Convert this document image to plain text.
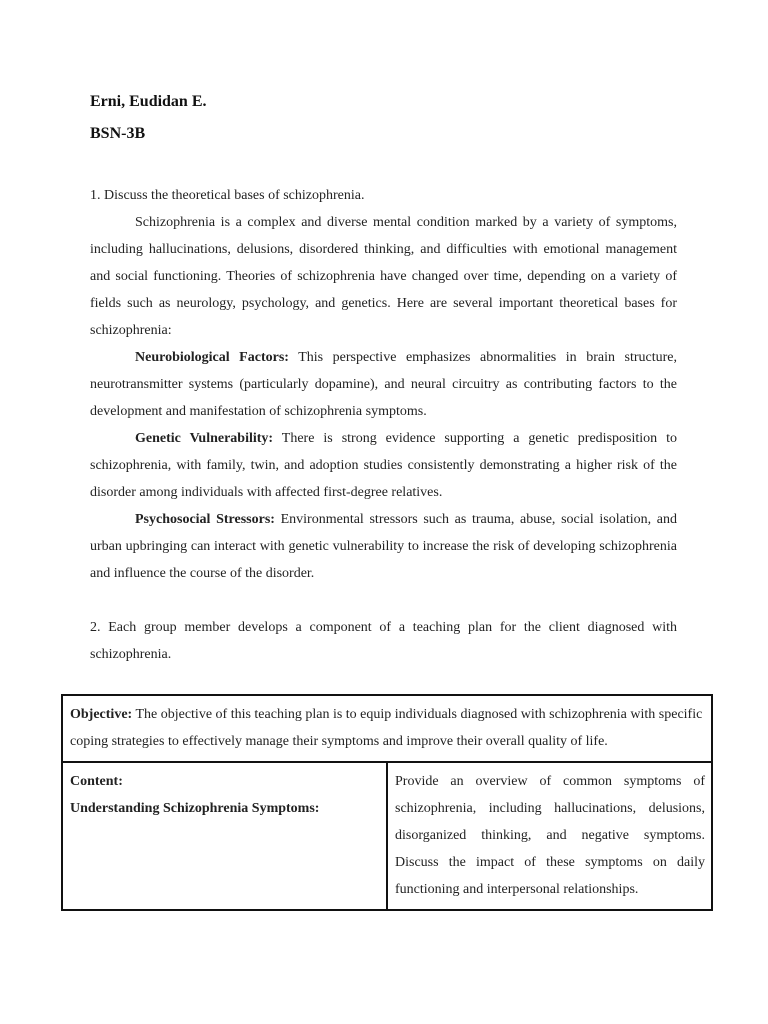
Erni, Eudidan E.
BSN-3B

1. Discuss the theoretical bases of schizophrenia.

Schizophrenia is a complex and diverse mental condition marked by a variety of symptoms, including hallucinations, delusions, disordered thinking, and difficulties with emotional management and social functioning. Theories of schizophrenia have changed over time, depending on a variety of fields such as neurology, psychology, and genetics. Here are several important theoretical bases for schizophrenia:

Neurobiological Factors: This perspective emphasizes abnormalities in brain structure, neurotransmitter systems (particularly dopamine), and neural circuitry as contributing factors to the development and manifestation of schizophrenia symptoms.

Genetic Vulnerability: There is strong evidence supporting a genetic predisposition to schizophrenia, with family, twin, and adoption studies consistently demonstrating a higher risk of the disorder among individuals with affected first-degree relatives.

Psychosocial Stressors: Environmental stressors such as trauma, abuse, social isolation, and urban upbringing can interact with genetic vulnerability to increase the risk of developing schizophrenia and influence the course of the disorder.

2. Each group member develops a component of a teaching plan for the client diagnosed with schizophrenia.

Objective: The objective of this teaching plan is to equip individuals diagnosed with schizophrenia with specific coping strategies to effectively manage their symptoms and improve their overall quality of life.

Content:
Understanding Schizophrenia Symptoms:
	Provide an overview of common symptoms of schizophrenia, including hallucinations, delusions, disorganized thinking, and negative symptoms. Discuss the impact of these symptoms on daily functioning and interpersonal relationships.
